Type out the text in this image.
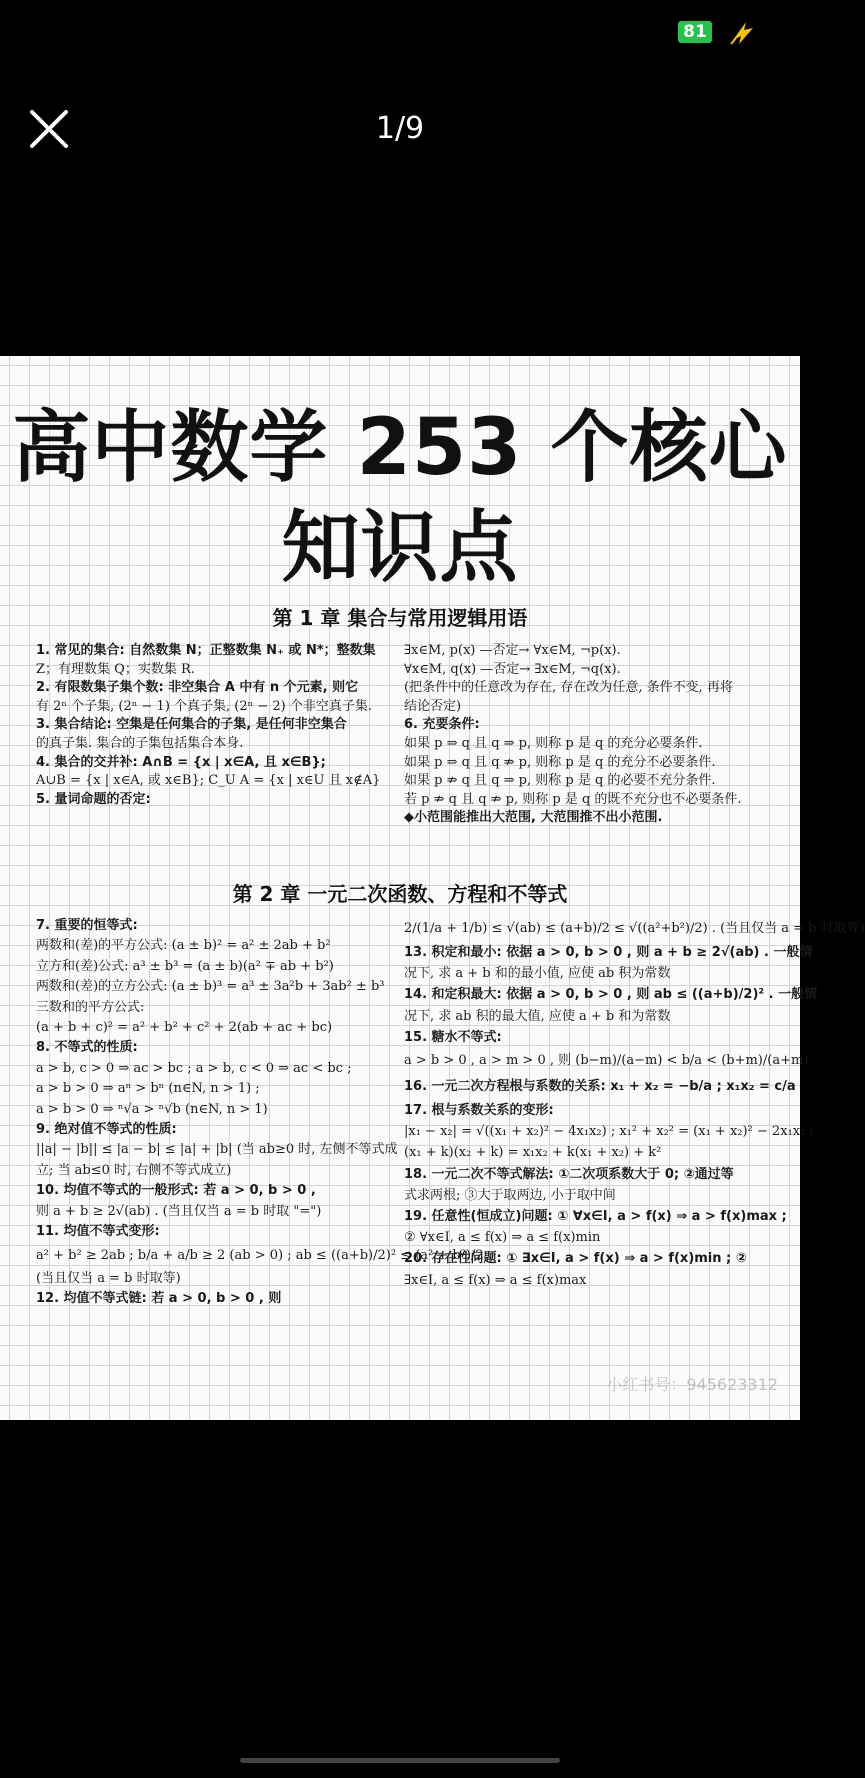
81
1/9
高中数学 253 个核心
知识点
第 1 章 集合与常用逻辑用语
1. 常见的集合: 自然数集 N；正整数集 N₊ 或 N*；整数集
Z；有理数集 Q；实数集 R.
2. 有限数集子集个数: 非空集合 A 中有 n 个元素, 则它
有 2ⁿ 个子集, (2ⁿ − 1) 个真子集, (2ⁿ − 2) 个非空真子集.
3. 集合结论: 空集是任何集合的子集, 是任何非空集合
的真子集. 集合的子集包括集合本身.
4. 集合的交并补: A∩B = {x | x∈A, 且 x∈B};
A∪B = {x | x∈A, 或 x∈B}; C_U A = {x | x∈U 且 x∉A}
5. 量词命题的否定:
∃x∈M, p(x) —否定→ ∀x∈M, ¬p(x).
∀x∈M, q(x) —否定→ ∃x∈M, ¬q(x).
(把条件中的任意改为存在, 存在改为任意, 条件不变, 再将
结论否定)
6. 充要条件:
如果 p ⇒ q 且 q ⇒ p, 则称 p 是 q 的充分必要条件.
如果 p ⇒ q 且 q ⇏ p, 则称 p 是 q 的充分不必要条件.
如果 p ⇏ q 且 q ⇒ p, 则称 p 是 q 的必要不充分条件.
若 p ⇏ q 且 q ⇏ p, 则称 p 是 q 的既不充分也不必要条件.
◆小范围能推出大范围, 大范围推不出小范围.
第 2 章 一元二次函数、方程和不等式
7. 重要的恒等式:
两数和(差)的平方公式: (a ± b)² = a² ± 2ab + b²
立方和(差)公式: a³ ± b³ = (a ± b)(a² ∓ ab + b²)
两数和(差)的立方公式: (a ± b)³ = a³ ± 3a²b + 3ab² ± b³
三数和的平方公式:
(a + b + c)² = a² + b² + c² + 2(ab + ac + bc)
8. 不等式的性质:
a > b, c > 0 ⇒ ac > bc ; a > b, c < 0 ⇒ ac < bc ;
a > b > 0 ⇒ aⁿ > bⁿ (n∈N, n > 1) ;
a > b > 0 ⇒ ⁿ√a > ⁿ√b (n∈N, n > 1)
9. 绝对值不等式的性质:
||a| − |b|| ≤ |a − b| ≤ |a| + |b| (当 ab≥0 时, 左侧不等式成
立; 当 ab≤0 时, 右侧不等式成立)
10. 均值不等式的一般形式: 若 a > 0, b > 0 ,
则 a + b ≥ 2√(ab) . (当且仅当 a = b 时取 "=")
11. 均值不等式变形:
a² + b² ≥ 2ab ; b/a + a/b ≥ 2 (ab > 0) ; ab ≤ ((a+b)/2)² ≤ (a² + b²)/2
(当且仅当 a = b 时取等)
12. 均值不等式链: 若 a > 0, b > 0 , 则
2/(1/a + 1/b) ≤ √(ab) ≤ (a+b)/2 ≤ √((a²+b²)/2) . (当且仅当 a = b 时取等)
13. 积定和最小: 依据 a > 0, b > 0 , 则 a + b ≥ 2√(ab) . 一般情
况下, 求 a + b 和的最小值, 应使 ab 积为常数
14. 和定积最大: 依据 a > 0, b > 0 , 则 ab ≤ ((a+b)/2)² . 一般情
况下, 求 ab 积的最大值, 应使 a + b 和为常数
15. 糖水不等式:
a > b > 0 , a > m > 0 , 则 (b−m)/(a−m) < b/a < (b+m)/(a+m)
16. 一元二次方程根与系数的关系: x₁ + x₂ = −b/a ; x₁x₂ = c/a
17. 根与系数关系的变形:
|x₁ − x₂| = √((x₁ + x₂)² − 4x₁x₂) ; x₁² + x₂² = (x₁ + x₂)² − 2x₁x₂ ;
(x₁ + k)(x₂ + k) = x₁x₂ + k(x₁ + x₂) + k²
18. 一元二次不等式解法: ①二次项系数大于 0; ②通过等
式求两根; ③大于取两边, 小于取中间
19. 任意性(恒成立)问题: ① ∀x∈I, a > f(x) ⇒ a > f(x)max ;
② ∀x∈I, a ≤ f(x) ⇒ a ≤ f(x)min
20. 存在性问题: ① ∃x∈I, a > f(x) ⇒ a > f(x)min ; ②
∃x∈I, a ≤ f(x) ⇒ a ≤ f(x)max
小红书号：945623312
